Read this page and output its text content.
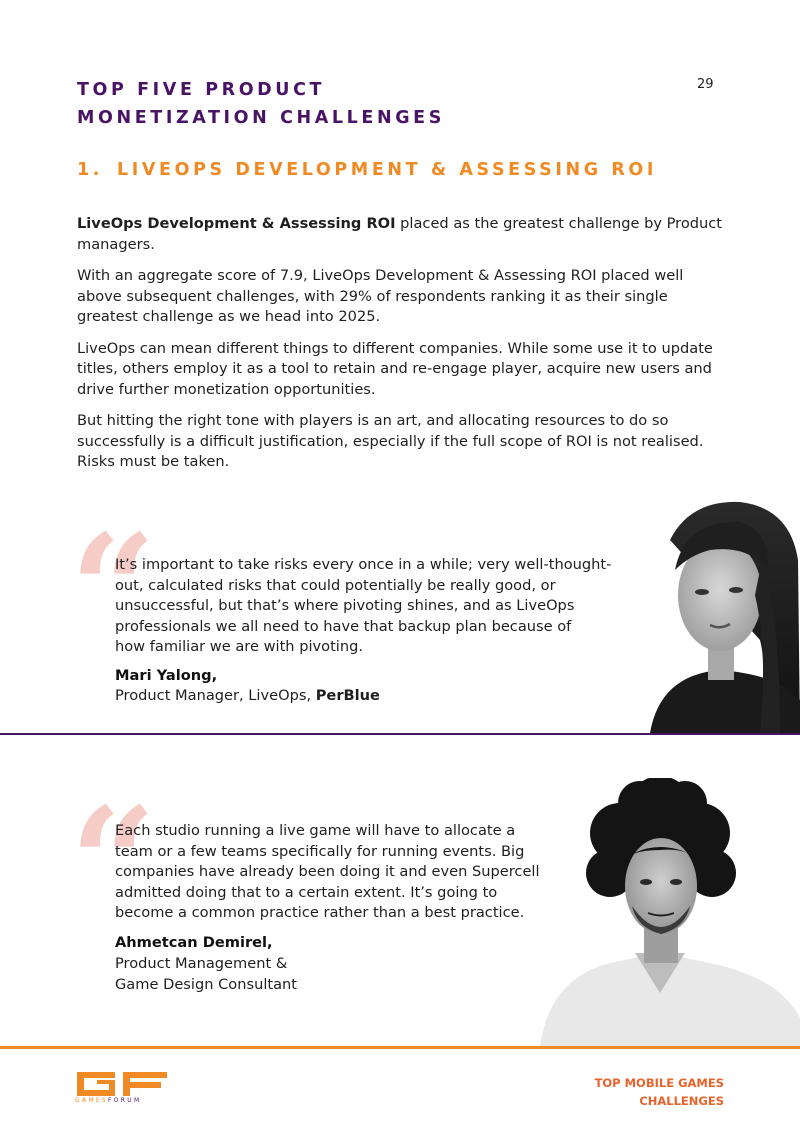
29
TOP FIVE PRODUCT
MONETIZATION CHALLENGES
1. LIVEOPS DEVELOPMENT & ASSESSING ROI

LiveOps Development & Assessing ROI placed as the greatest challenge by Product managers.

With an aggregate score of 7.9, LiveOps Development & Assessing ROI placed well above subsequent challenges, with 29% of respondents ranking it as their single greatest challenge as we head into 2025.

LiveOps can mean different things to different companies. While some use it to update titles, others employ it as a tool to retain and re-engage player, acquire new users and drive further monetization opportunities.

But hitting the right tone with players is an art, and allocating resources to do so successfully is a difficult justification, especially if the full scope of ROI is not realised. Risks must be taken.

“
It’s important to take risks every once in a while; very well-thought-
out, calculated risks that could potentially be really good, or
unsuccessful, but that’s where pivoting shines, and as LiveOps
professionals we all need to have that backup plan because of
how familiar we are with pivoting.
Mari Yalong,
Product Manager, LiveOps, PerBlue
“
Each studio running a live game will have to allocate a
team or a few teams specifically for running events. Big
companies have already been doing it and even Supercell
admitted doing that to a certain extent. It’s going to
become a common practice rather than a best practice.
Ahmetcan Demirel,
Product Management &
Game Design Consultant
GAMESFORUM
TOP MOBILE GAMES
CHALLENGES
